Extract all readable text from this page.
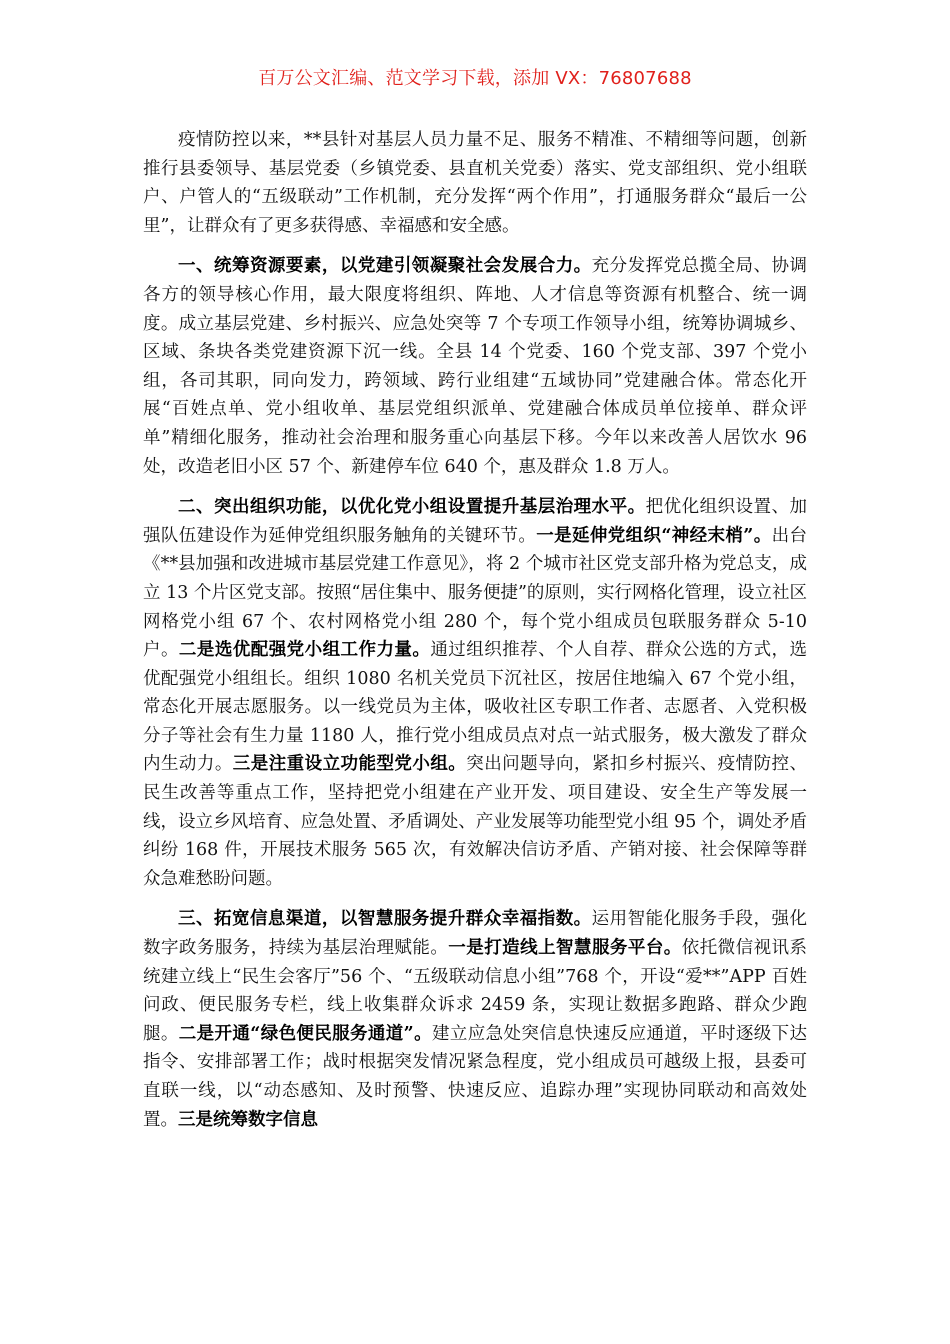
百万公文汇编、范文学习下载，添加 VX：76807688

疫情防控以来，**县针对基层人员力量不足、服务不精准、不精细等问题，创新推行县委领导、基层党委（乡镇党委、县直机关党委）落实、党支部组织、党小组联户、户管人的“五级联动”工作机制，充分发挥“两个作用”，打通服务群众“最后一公里”，让群众有了更多获得感、幸福感和安全感。

一、统筹资源要素，以党建引领凝聚社会发展合力。充分发挥党总揽全局、协调各方的领导核心作用，最大限度将组织、阵地、人才信息等资源有机整合、统一调度。成立基层党建、乡村振兴、应急处突等 7 个专项工作领导小组，统筹协调城乡、区域、条块各类党建资源下沉一线。全县 14 个党委、160 个党支部、397 个党小组，各司其职，同向发力，跨领域、跨行业组建“五域协同”党建融合体。常态化开展“百姓点单、党小组收单、基层党组织派单、党建融合体成员单位接单、群众评单”精细化服务，推动社会治理和服务重心向基层下移。今年以来改善人居饮水 96 处，改造老旧小区 57 个、新建停车位 640 个，惠及群众 1.8 万人。

二、突出组织功能，以优化党小组设置提升基层治理水平。把优化组织设置、加强队伍建设作为延伸党组织服务触角的关键环节。一是延伸党组织“神经末梢”。出台《**县加强和改进城市基层党建工作意见》，将 2 个城市社区党支部升格为党总支，成立 13 个片区党支部。按照“居住集中、服务便捷”的原则，实行网格化管理，设立社区网格党小组 67 个、农村网格党小组 280 个，每个党小组成员包联服务群众 5-10 户。二是选优配强党小组工作力量。通过组织推荐、个人自荐、群众公选的方式，选优配强党小组组长。组织 1080 名机关党员下沉社区，按居住地编入 67 个党小组，常态化开展志愿服务。以一线党员为主体，吸收社区专职工作者、志愿者、入党积极分子等社会有生力量 1180 人，推行党小组成员点对点一站式服务，极大激发了群众内生动力。三是注重设立功能型党小组。突出问题导向，紧扣乡村振兴、疫情防控、民生改善等重点工作，坚持把党小组建在产业开发、项目建设、安全生产等发展一线，设立乡风培育、应急处置、矛盾调处、产业发展等功能型党小组 95 个，调处矛盾纠纷 168 件，开展技术服务 565 次，有效解决信访矛盾、产销对接、社会保障等群众急难愁盼问题。

三、拓宽信息渠道，以智慧服务提升群众幸福指数。运用智能化服务手段，强化数字政务服务，持续为基层治理赋能。一是打造线上智慧服务平台。依托微信视讯系统建立线上“民生会客厅”56 个、“五级联动信息小组”768 个，开设“爱**”APP 百姓问政、便民服务专栏，线上收集群众诉求 2459 条，实现让数据多跑路、群众少跑腿。二是开通“绿色便民服务通道”。建立应急处突信息快速反应通道，平时逐级下达指令、安排部署工作；战时根据突发情况紧急程度，党小组成员可越级上报，县委可直联一线，以“动态感知、及时预警、快速反应、追踪办理”实现协同联动和高效处置。三是统筹数字信息
